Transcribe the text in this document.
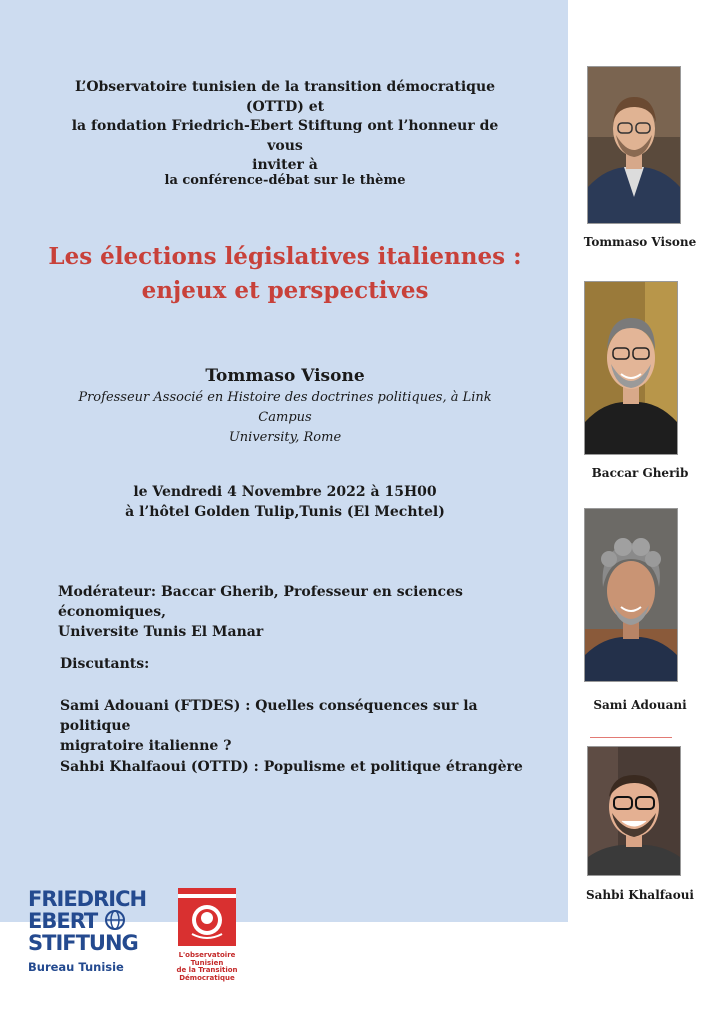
L’Observatoire tunisien de la transition démocratique (OTTD) et
la fondation Friedrich-Ebert Stiftung ont l’honneur de vous
inviter à
la conférence-débat sur le thème
Les élections législatives italiennes :
enjeux et perspectives
Tommaso Visone
Professeur Associé en Histoire des doctrines politiques, à Link Campus
University, Rome
le Vendredi 4 Novembre 2022 à 15H00
à l’hôtel Golden Tulip,Tunis (El Mechtel)
Modérateur: Baccar Gherib, Professeur en sciences économiques,
Universite Tunis El Manar
Discutants:
Sami Adouani (FTDES) : Quelles conséquences sur la politique
migratoire italienne ?
Sahbi Khalfaoui (OTTD) : Populisme et politique étrangère
Tommaso Visone
Baccar Gherib
Sami Adouani
Sahbi Khalfaoui
FRIEDRICH
EBERT
STIFTUNG
Bureau Tunisie
L'observatoire
Tunisien
de la Transition
Démocratique
